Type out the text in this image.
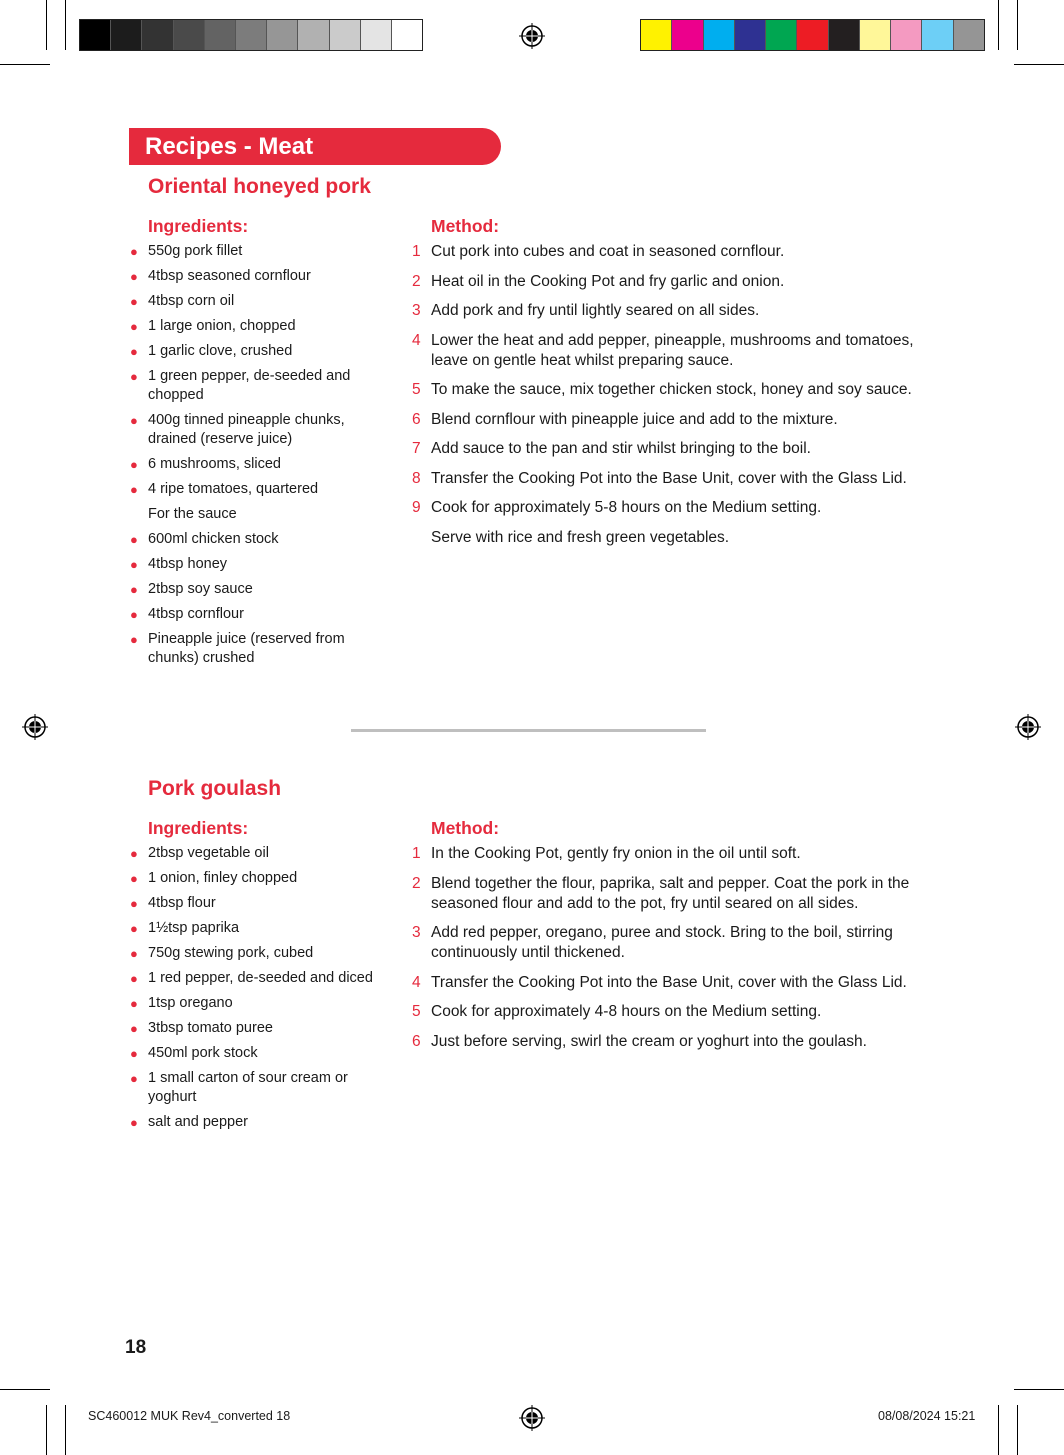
Recipes - Meat
Oriental honeyed pork
Ingredients:	Method:
● 550g pork fillet
● 4tbsp seasoned cornflour
● 4tbsp corn oil
● 1 large onion, chopped
● 1 garlic clove, crushed
● 1 green pepper, de-seeded and chopped
● 400g tinned pineapple chunks, drained (reserve juice)
● 6 mushrooms, sliced
● 4 ripe tomatoes, quartered
For the sauce
● 600ml chicken stock
● 4tbsp honey
● 2tbsp soy sauce
● 4tbsp cornflour
● Pineapple juice (reserved from chunks) crushed
1 Cut pork into cubes and coat in seasoned cornflour.
2 Heat oil in the Cooking Pot and fry garlic and onion.
3 Add pork and fry until lightly seared on all sides.
4 Lower the heat and add pepper, pineapple, mushrooms and tomatoes, leave on gentle heat whilst preparing sauce.
5 To make the sauce, mix together chicken stock, honey and soy sauce.
6 Blend cornflour with pineapple juice and add to the mixture.
7 Add sauce to the pan and stir whilst bringing to the boil.
8 Transfer the Cooking Pot into the Base Unit, cover with the Glass Lid.
9 Cook for approximately 5-8 hours on the Medium setting.
Serve with rice and fresh green vegetables.
Pork goulash
Ingredients:	Method:
● 2tbsp vegetable oil
● 1 onion, finley chopped
● 4tbsp flour
● 1½tsp paprika
● 750g stewing pork, cubed
● 1 red pepper, de-seeded and diced
● 1tsp oregano
● 3tbsp tomato puree
● 450ml pork stock
● 1 small carton of sour cream or yoghurt
● salt and pepper
1 In the Cooking Pot, gently fry onion in the oil until soft.
2 Blend together the flour, paprika, salt and pepper. Coat the pork in the seasoned flour and add to the pot, fry until seared on all sides.
3 Add red pepper, oregano, puree and stock. Bring to the boil, stirring continuously until thickened.
4 Transfer the Cooking Pot into the Base Unit, cover with the Glass Lid.
5 Cook for approximately 4-8 hours on the Medium setting.
6 Just before serving, swirl the cream or yoghurt into the goulash.
18
SC460012 MUK Rev4_converted 18	08/08/2024 15:21
